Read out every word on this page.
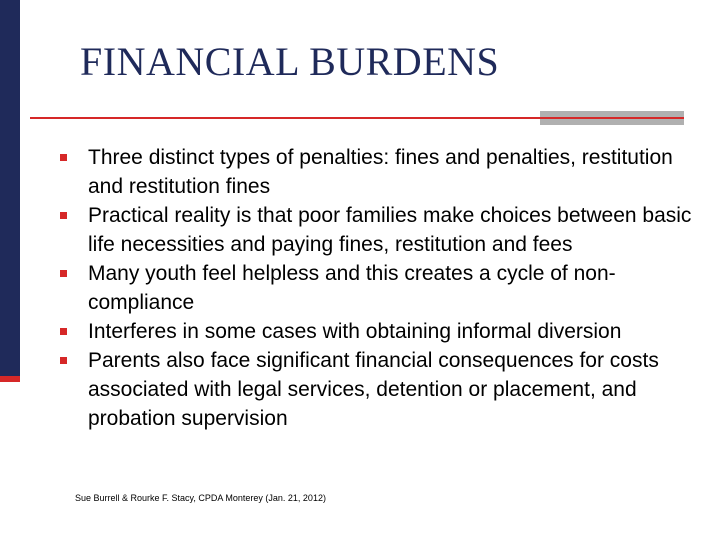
FINANCIAL BURDENS
Three distinct types of penalties: fines and penalties, restitution and restitution fines
Practical reality is that poor families make choices between basic life necessities and paying fines, restitution and fees
Many youth feel helpless and this creates a cycle of non-compliance
Interferes in some cases with obtaining informal diversion
Parents also face significant financial consequences for costs associated with legal services, detention or placement, and probation supervision
Sue Burrell & Rourke F. Stacy, CPDA Monterey (Jan. 21, 2012)
